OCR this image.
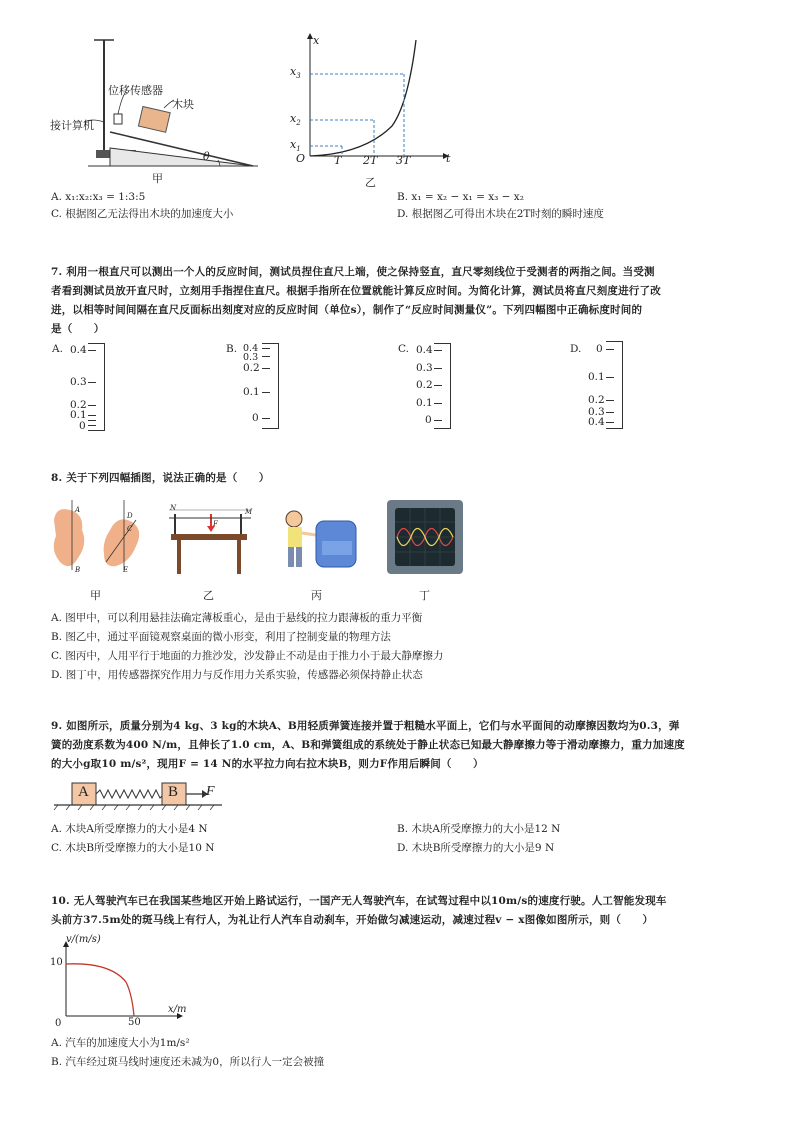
位移传感器
木块
接计算机
θ
甲
x
t
O
$x_3$
$x_2$
$x_1$
T 2T 3T
乙
A. x₁:x₂:x₃ = 1:3:5	B. x₁ = x₂ − x₁ = x₃ − x₂
C. 根据图乙无法得出木块的加速度大小	D. 根据图乙可得出木块在2T时刻的瞬时速度
7. 利用一根直尺可以测出一个人的反应时间，测试员捏住直尺上端，使之保持竖直，直尺零刻线位于受测者的两指之间。当受测
者看到测试员放开直尺时，立刻用手指捏住直尺。根据手指所在位置就能计算反应时间。为简化计算，测试员将直尺刻度进行了改
进，以相等时间间隔在直尺反面标出刻度对应的反应时间（单位s），制作了“反应时间测量仪”。下列四幅图中正确标度时间的
是（　　）
A. 0.4
0.3
0.2
0.1
0
B. 0.4
0.3
0.2
0.1
0
C. 0.4
0.3
0.2
0.1
0
D. 0
0.1
0.2
0.3
0.4
8. 关于下列四幅插图，说法正确的是（　　）
A
B
C
D
E
甲
N	M
F
乙	丙	丁
A. 图甲中，可以利用悬挂法确定薄板重心，是由于悬线的拉力跟薄板的重力平衡
B. 图乙中，通过平面镜观察桌面的微小形变，利用了控制变量的物理方法
C. 图丙中，人用平行于地面的力推沙发，沙发静止不动是由于推力小于最大静摩擦力
D. 图丁中，用传感器探究作用力与反作用力关系实验，传感器必须保持静止状态
9. 如图所示，质量分别为4 kg、3 kg的木块A、B用轻质弹簧连接并置于粗糙水平面上，它们与水平面间的动摩擦因数均为0.3，弹
簧的劲度系数为400 N/m，且伸长了1.0 cm，A、B和弹簧组成的系统处于静止状态已知最大静摩擦力等于滑动摩擦力，重力加速度
的大小g取10 m/s²，现用F = 14 N的水平拉力向右拉木块B，则力F作用后瞬间（　　）
A	B F
A. 木块A所受摩擦力的大小是4 N	B. 木块A所受摩擦力的大小是12 N
C. 木块B所受摩擦力的大小是10 N	D. 木块B所受摩擦力的大小是9 N
10. 无人驾驶汽车已在我国某些地区开始上路试运行，一国产无人驾驶汽车，在试驾过程中以10m/s的速度行驶。人工智能发现车
头前方37.5m处的斑马线上有行人，为礼让行人汽车自动刹车，开始做匀减速运动，减速过程v − x图像如图所示，则（　　）
v/(m/s)
10
x/m
50
0
A. 汽车的加速度大小为1m/s²
B. 汽车经过斑马线时速度还未减为0，所以行人一定会被撞
